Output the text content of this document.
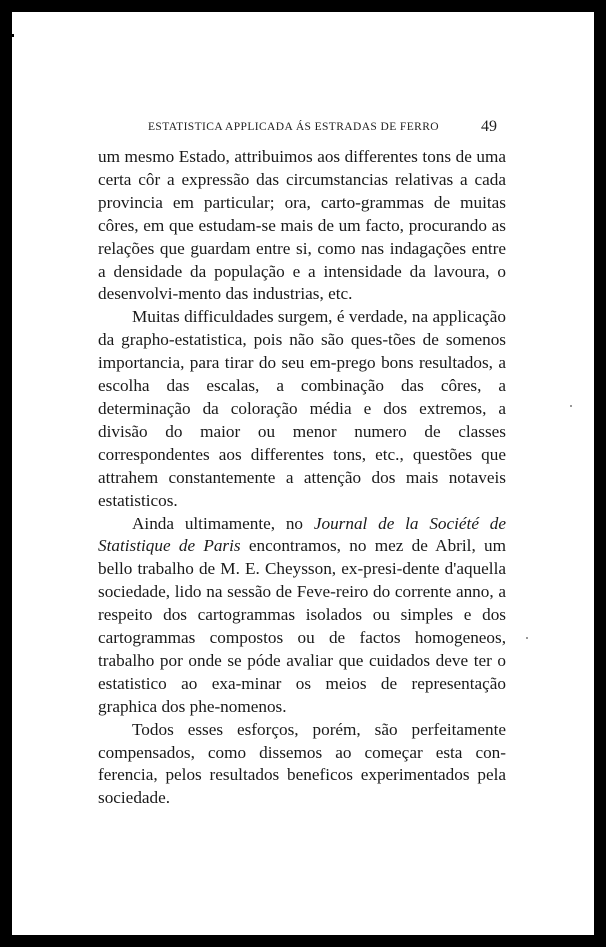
ESTATISTICA APPLICADA ÁS ESTRADAS DE FERRO	49

um mesmo Estado, attribuimos aos differentes tons de uma certa côr a expressão das circumstancias relativas a cada provincia em particular; ora, carto-grammas de muitas côres, em que estudam-se mais de um facto, procurando as relações que guardam entre si, como nas indagações entre a densidade da população e a intensidade da lavoura, o desenvolvi-mento das industrias, etc.

Muitas difficuldades surgem, é verdade, na applicação da grapho-estatistica, pois não são ques-tões de somenos importancia, para tirar do seu em-prego bons resultados, a escolha das escalas, a combinação das côres, a determinação da coloração média e dos extremos, a divisão do maior ou menor numero de classes correspondentes aos differentes tons, etc., questões que attrahem constantemente a attenção dos mais notaveis estatisticos.

Ainda ultimamente, no Journal de la Société de Statistique de Paris encontramos, no mez de Abril, um bello trabalho de M. E. Cheysson, ex-presi-dente d'aquella sociedade, lido na sessão de Feve-reiro do corrente anno, a respeito dos cartogrammas isolados ou simples e dos cartogrammas compostos ou de factos homogeneos, trabalho por onde se póde avaliar que cuidados deve ter o estatistico ao exa-minar os meios de representação graphica dos phe-nomenos.

Todos esses esforços, porém, são perfeitamente compensados, como dissemos ao começar esta con-ferencia, pelos resultados beneficos experimentados pela sociedade.
